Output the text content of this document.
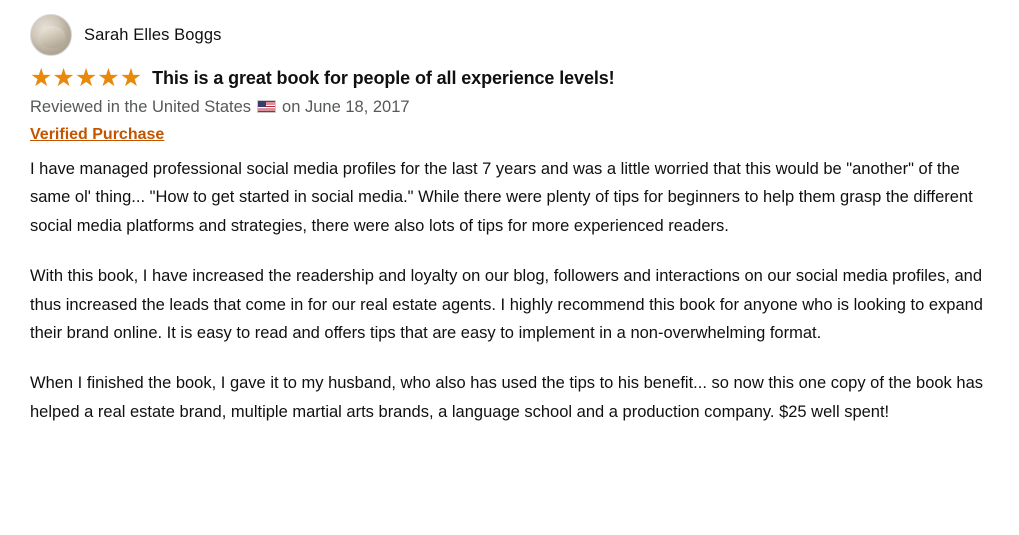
Sarah Elles Boggs
★ ★ ★ ★ ★ This is a great book for people of all experience levels!
Reviewed in the United States on June 18, 2017
Verified Purchase

I have managed professional social media profiles for the last 7 years and was a little worried that this would be "another" of the same ol' thing... "How to get started in social media." While there were plenty of tips for beginners to help them grasp the different social media platforms and strategies, there were also lots of tips for more experienced readers.

With this book, I have increased the readership and loyalty on our blog, followers and interactions on our social media profiles, and thus increased the leads that come in for our real estate agents. I highly recommend this book for anyone who is looking to expand their brand online. It is easy to read and offers tips that are easy to implement in a non-overwhelming format.

When I finished the book, I gave it to my husband, who also has used the tips to his benefit... so now this one copy of the book has helped a real estate brand, multiple martial arts brands, a language school and a production company. $25 well spent!
